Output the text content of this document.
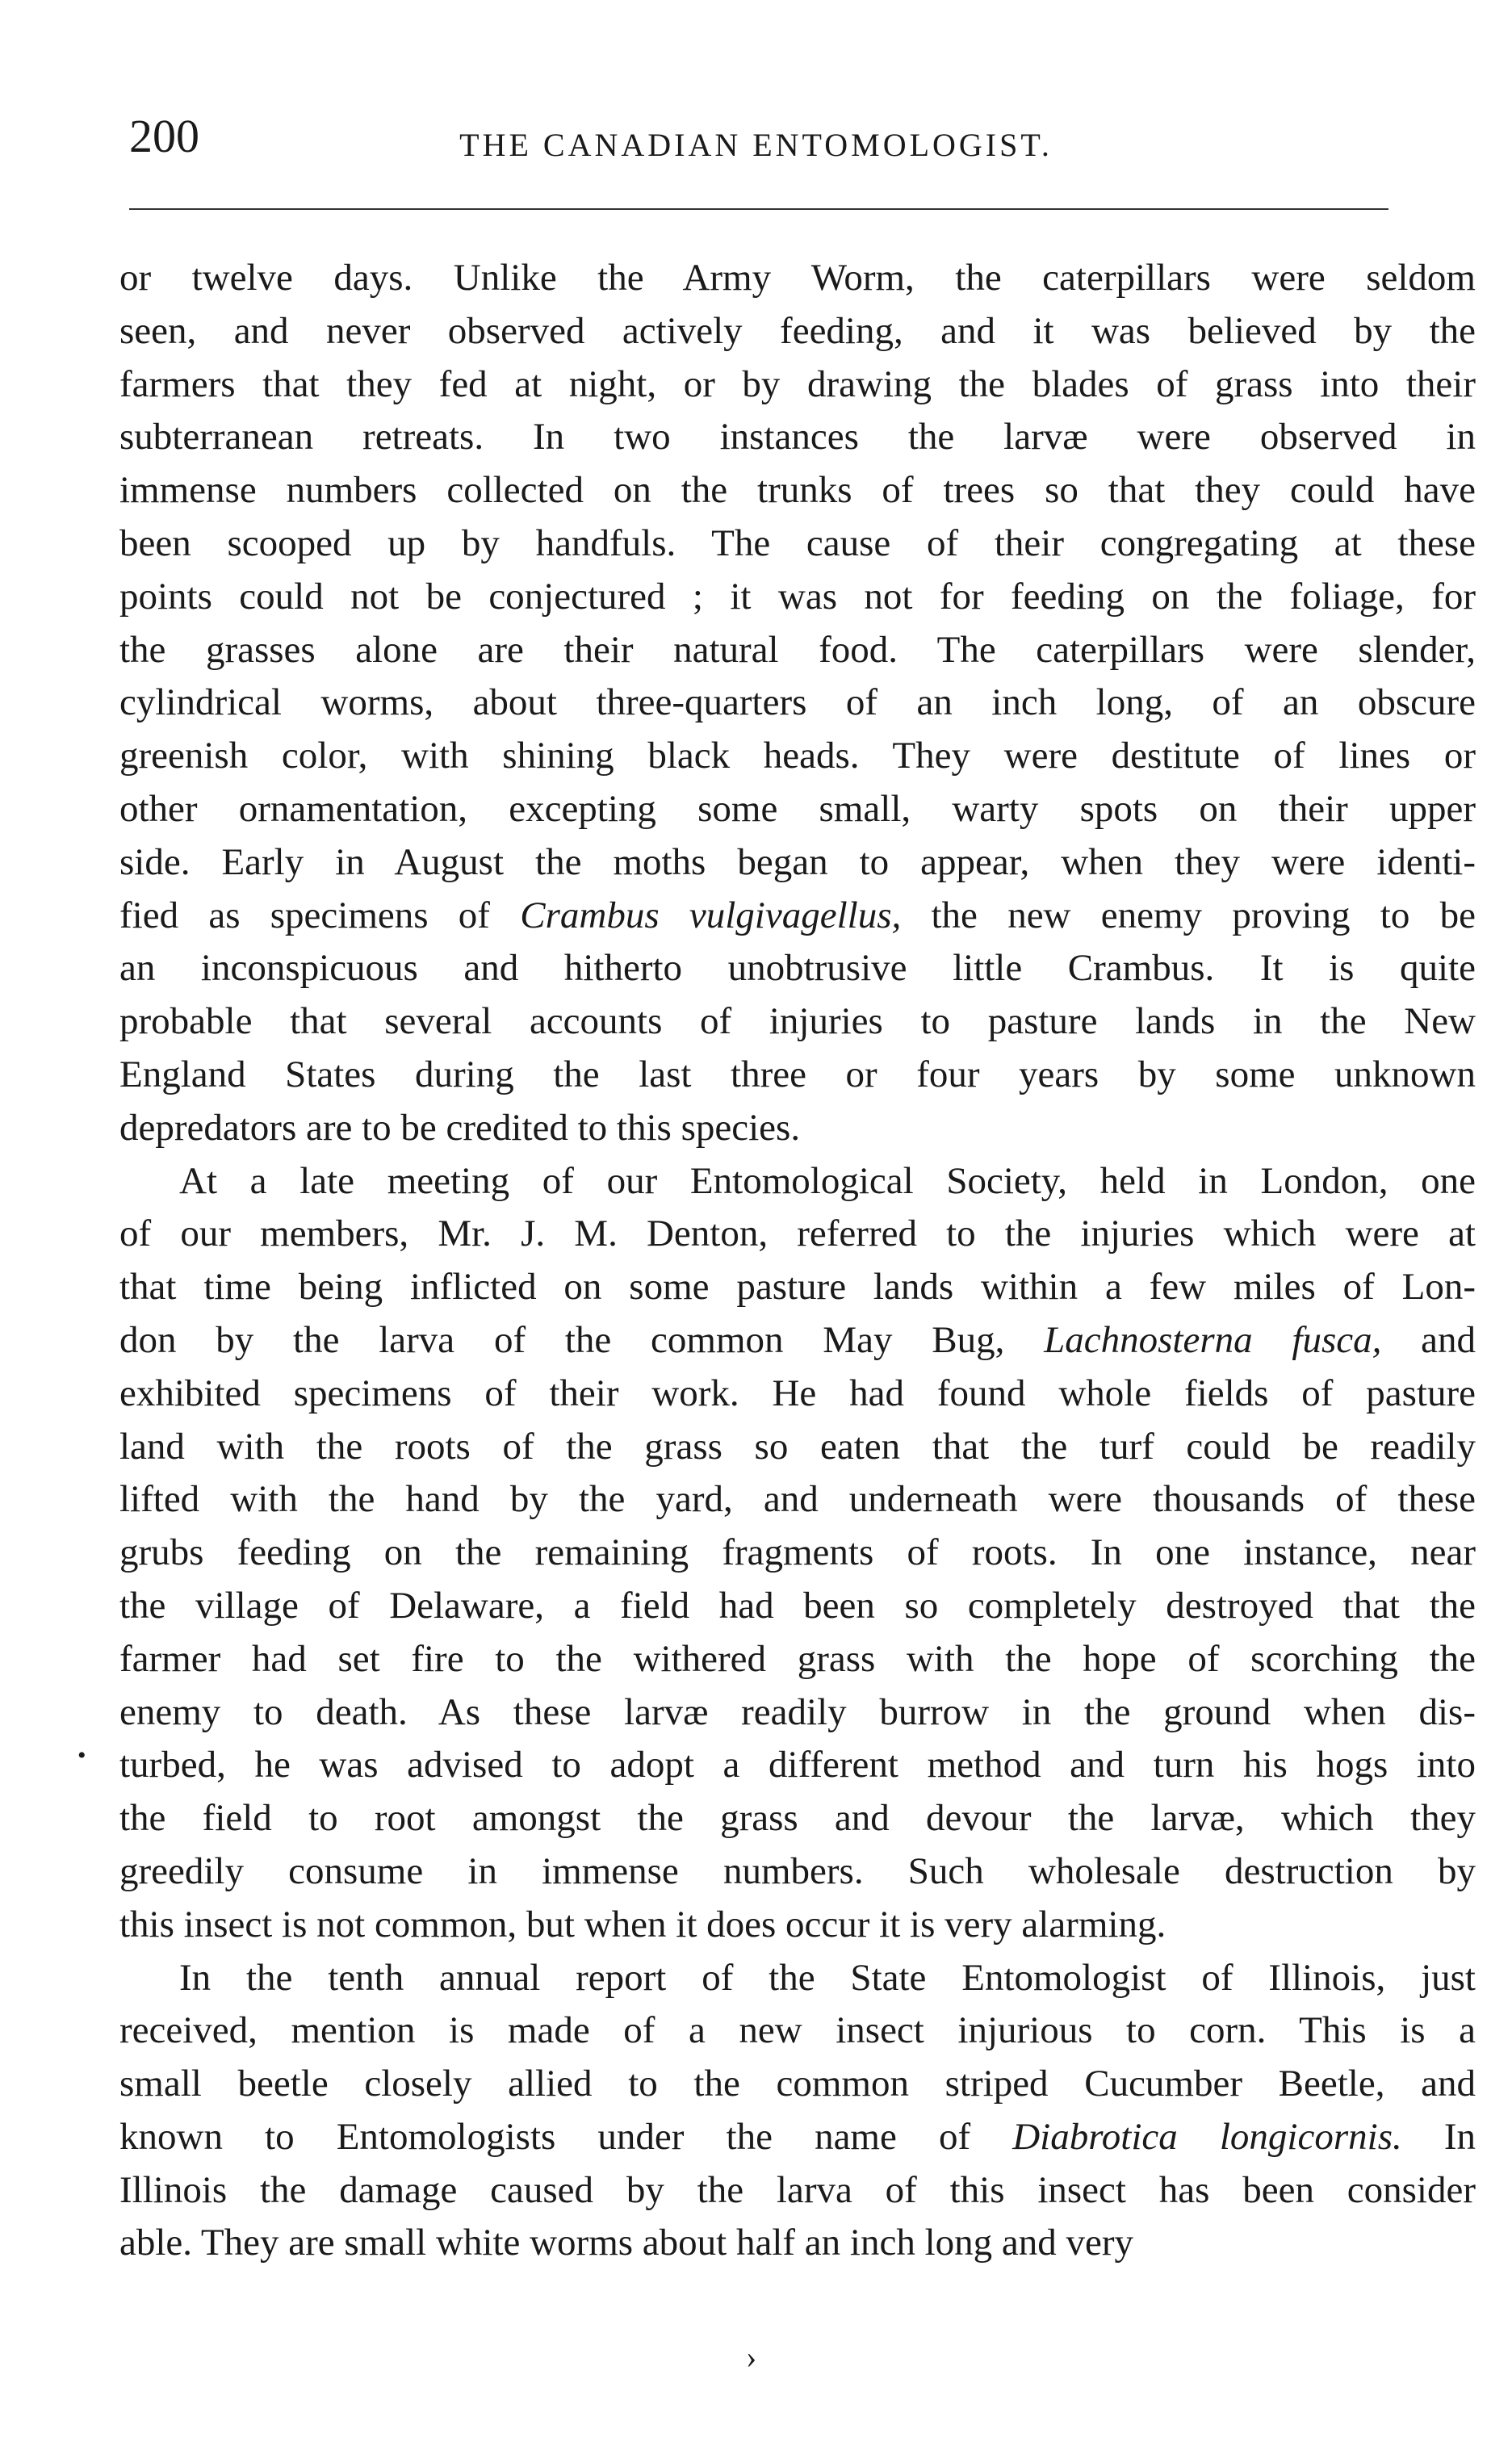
200	THE CANADIAN ENTOMOLOGIST.
or twelve days. Unlike the Army Worm, the caterpillars were seldom
seen, and never observed actively feeding, and it was believed by the
farmers that they fed at night, or by drawing the blades of grass into their
subterranean retreats. In two instances the larvæ were observed in
immense numbers collected on the trunks of trees so that they could have
been scooped up by handfuls. The cause of their congregating at these
points could not be conjectured ; it was not for feeding on the foliage, for
the grasses alone are their natural food. The caterpillars were slender,
cylindrical worms, about three-quarters of an inch long, of an obscure
greenish color, with shining black heads. They were destitute of lines or
other ornamentation, excepting some small, warty spots on their upper
side. Early in August the moths began to appear, when they were identi-
fied as specimens of Crambus vulgivagellus, the new enemy proving to be
an inconspicuous and hitherto unobtrusive little Crambus. It is quite
probable that several accounts of injuries to pasture lands in the New
England States during the last three or four years by some unknown
depredators are to be credited to this species.
At a late meeting of our Entomological Society, held in London, one
of our members, Mr. J. M. Denton, referred to the injuries which were at
that time being inflicted on some pasture lands within a few miles of Lon-
don by the larva of the common May Bug, Lachnosterna fusca, and
exhibited specimens of their work. He had found whole fields of pasture
land with the roots of the grass so eaten that the turf could be readily
lifted with the hand by the yard, and underneath were thousands of these
grubs feeding on the remaining fragments of roots. In one instance, near
the village of Delaware, a field had been so completely destroyed that the
farmer had set fire to the withered grass with the hope of scorching the
enemy to death. As these larvæ readily burrow in the ground when dis-
turbed, he was advised to adopt a different method and turn his hogs into
the field to root amongst the grass and devour the larvæ, which they
greedily consume in immense numbers. Such wholesale destruction by
this insect is not common, but when it does occur it is very alarming.
In the tenth annual report of the State Entomologist of Illinois, just
received, mention is made of a new insect injurious to corn. This is a
small beetle closely allied to the common striped Cucumber Beetle, and
known to Entomologists under the name of Diabrotica longicornis. In
Illinois the damage caused by the larva of this insect has been consider
able. They are small white worms about half an inch long and very
•
›
